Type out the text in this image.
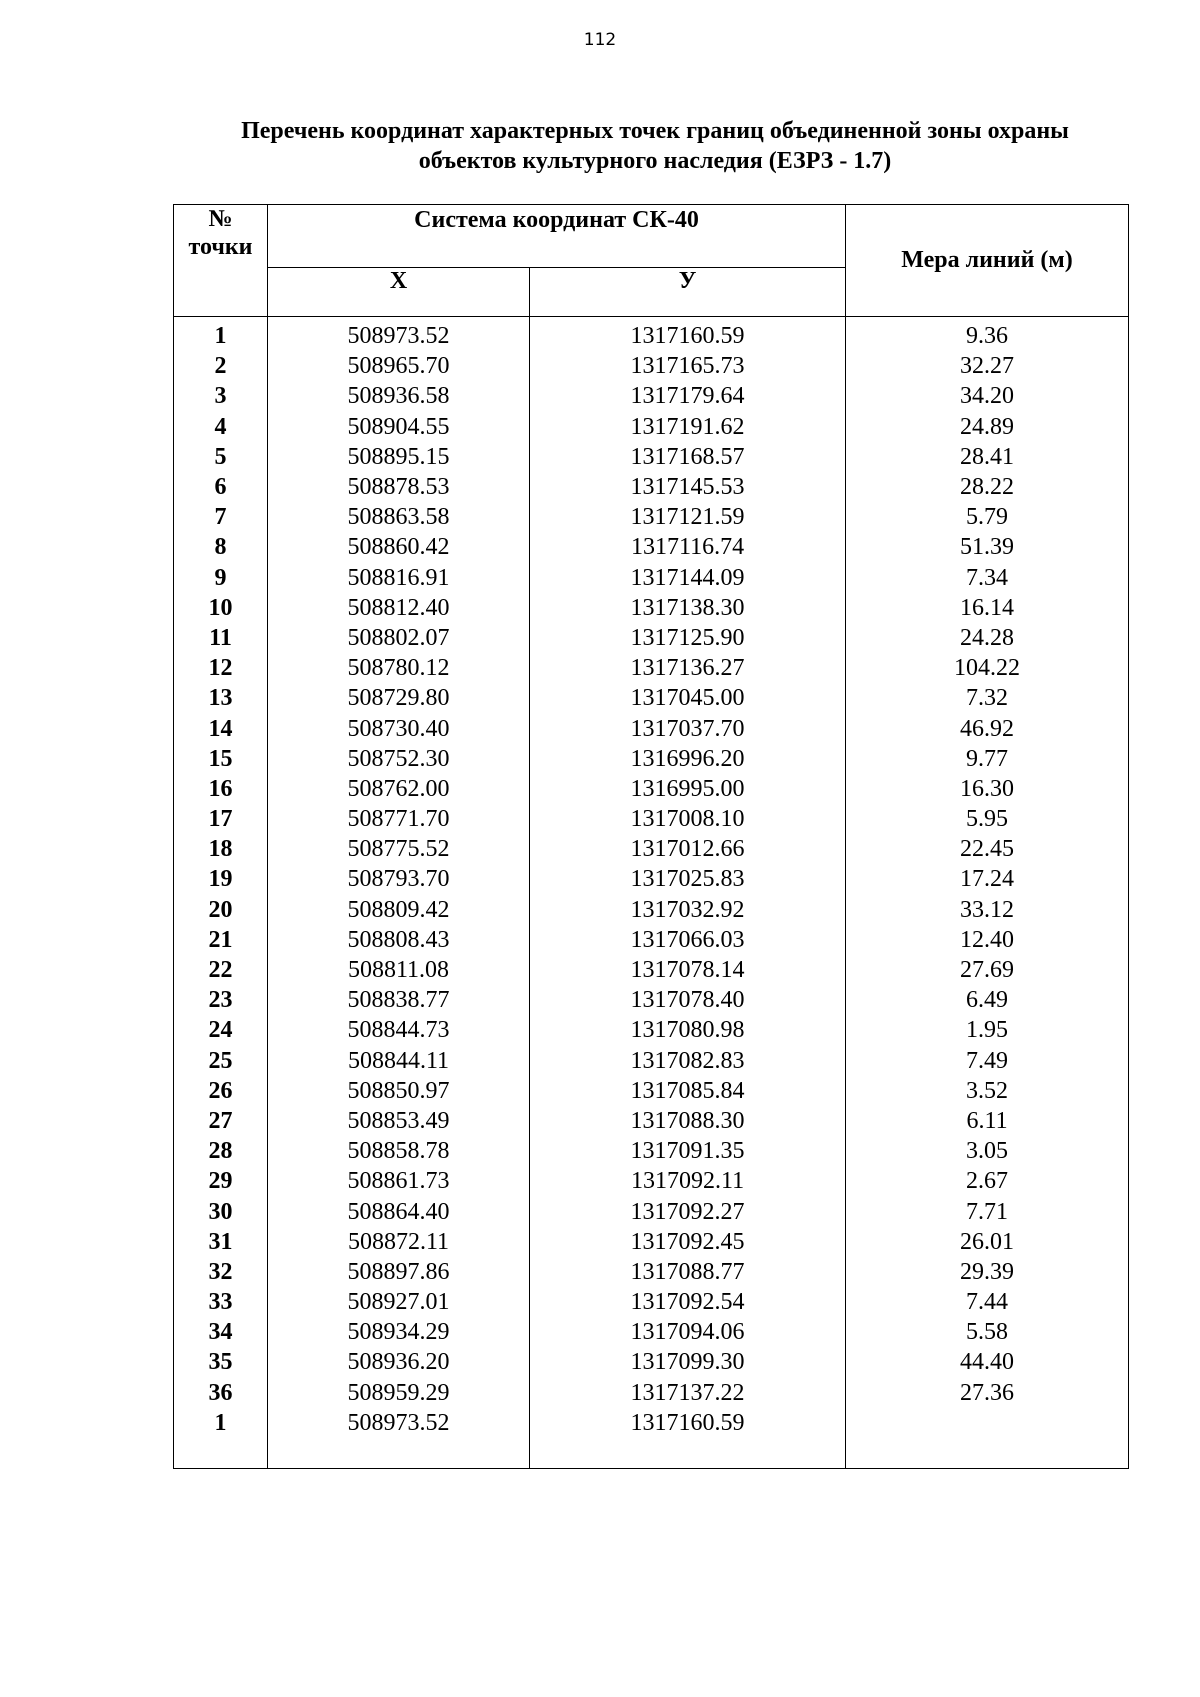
112
Перечень координат характерных точек границ объединенной зоны охраны
объектов культурного наследия (ЕЗРЗ - 1.7)
№
точки	Система координат СК-40		Мера линий (м)
	Х	У	
1	508973.52	1317160.59	9.36
2	508965.70	1317165.73	32.27
3	508936.58	1317179.64	34.20
4	508904.55	1317191.62	24.89
5	508895.15	1317168.57	28.41
6	508878.53	1317145.53	28.22
7	508863.58	1317121.59	5.79
8	508860.42	1317116.74	51.39
9	508816.91	1317144.09	7.34
10	508812.40	1317138.30	16.14
11	508802.07	1317125.90	24.28
12	508780.12	1317136.27	104.22
13	508729.80	1317045.00	7.32
14	508730.40	1317037.70	46.92
15	508752.30	1316996.20	9.77
16	508762.00	1316995.00	16.30
17	508771.70	1317008.10	5.95
18	508775.52	1317012.66	22.45
19	508793.70	1317025.83	17.24
20	508809.42	1317032.92	33.12
21	508808.43	1317066.03	12.40
22	508811.08	1317078.14	27.69
23	508838.77	1317078.40	6.49
24	508844.73	1317080.98	1.95
25	508844.11	1317082.83	7.49
26	508850.97	1317085.84	3.52
27	508853.49	1317088.30	6.11
28	508858.78	1317091.35	3.05
29	508861.73	1317092.11	2.67
30	508864.40	1317092.27	7.71
31	508872.11	1317092.45	26.01
32	508897.86	1317088.77	29.39
33	508927.01	1317092.54	7.44
34	508934.29	1317094.06	5.58
35	508936.20	1317099.30	44.40
36	508959.29	1317137.22	27.36
1	508973.52	1317160.59	
